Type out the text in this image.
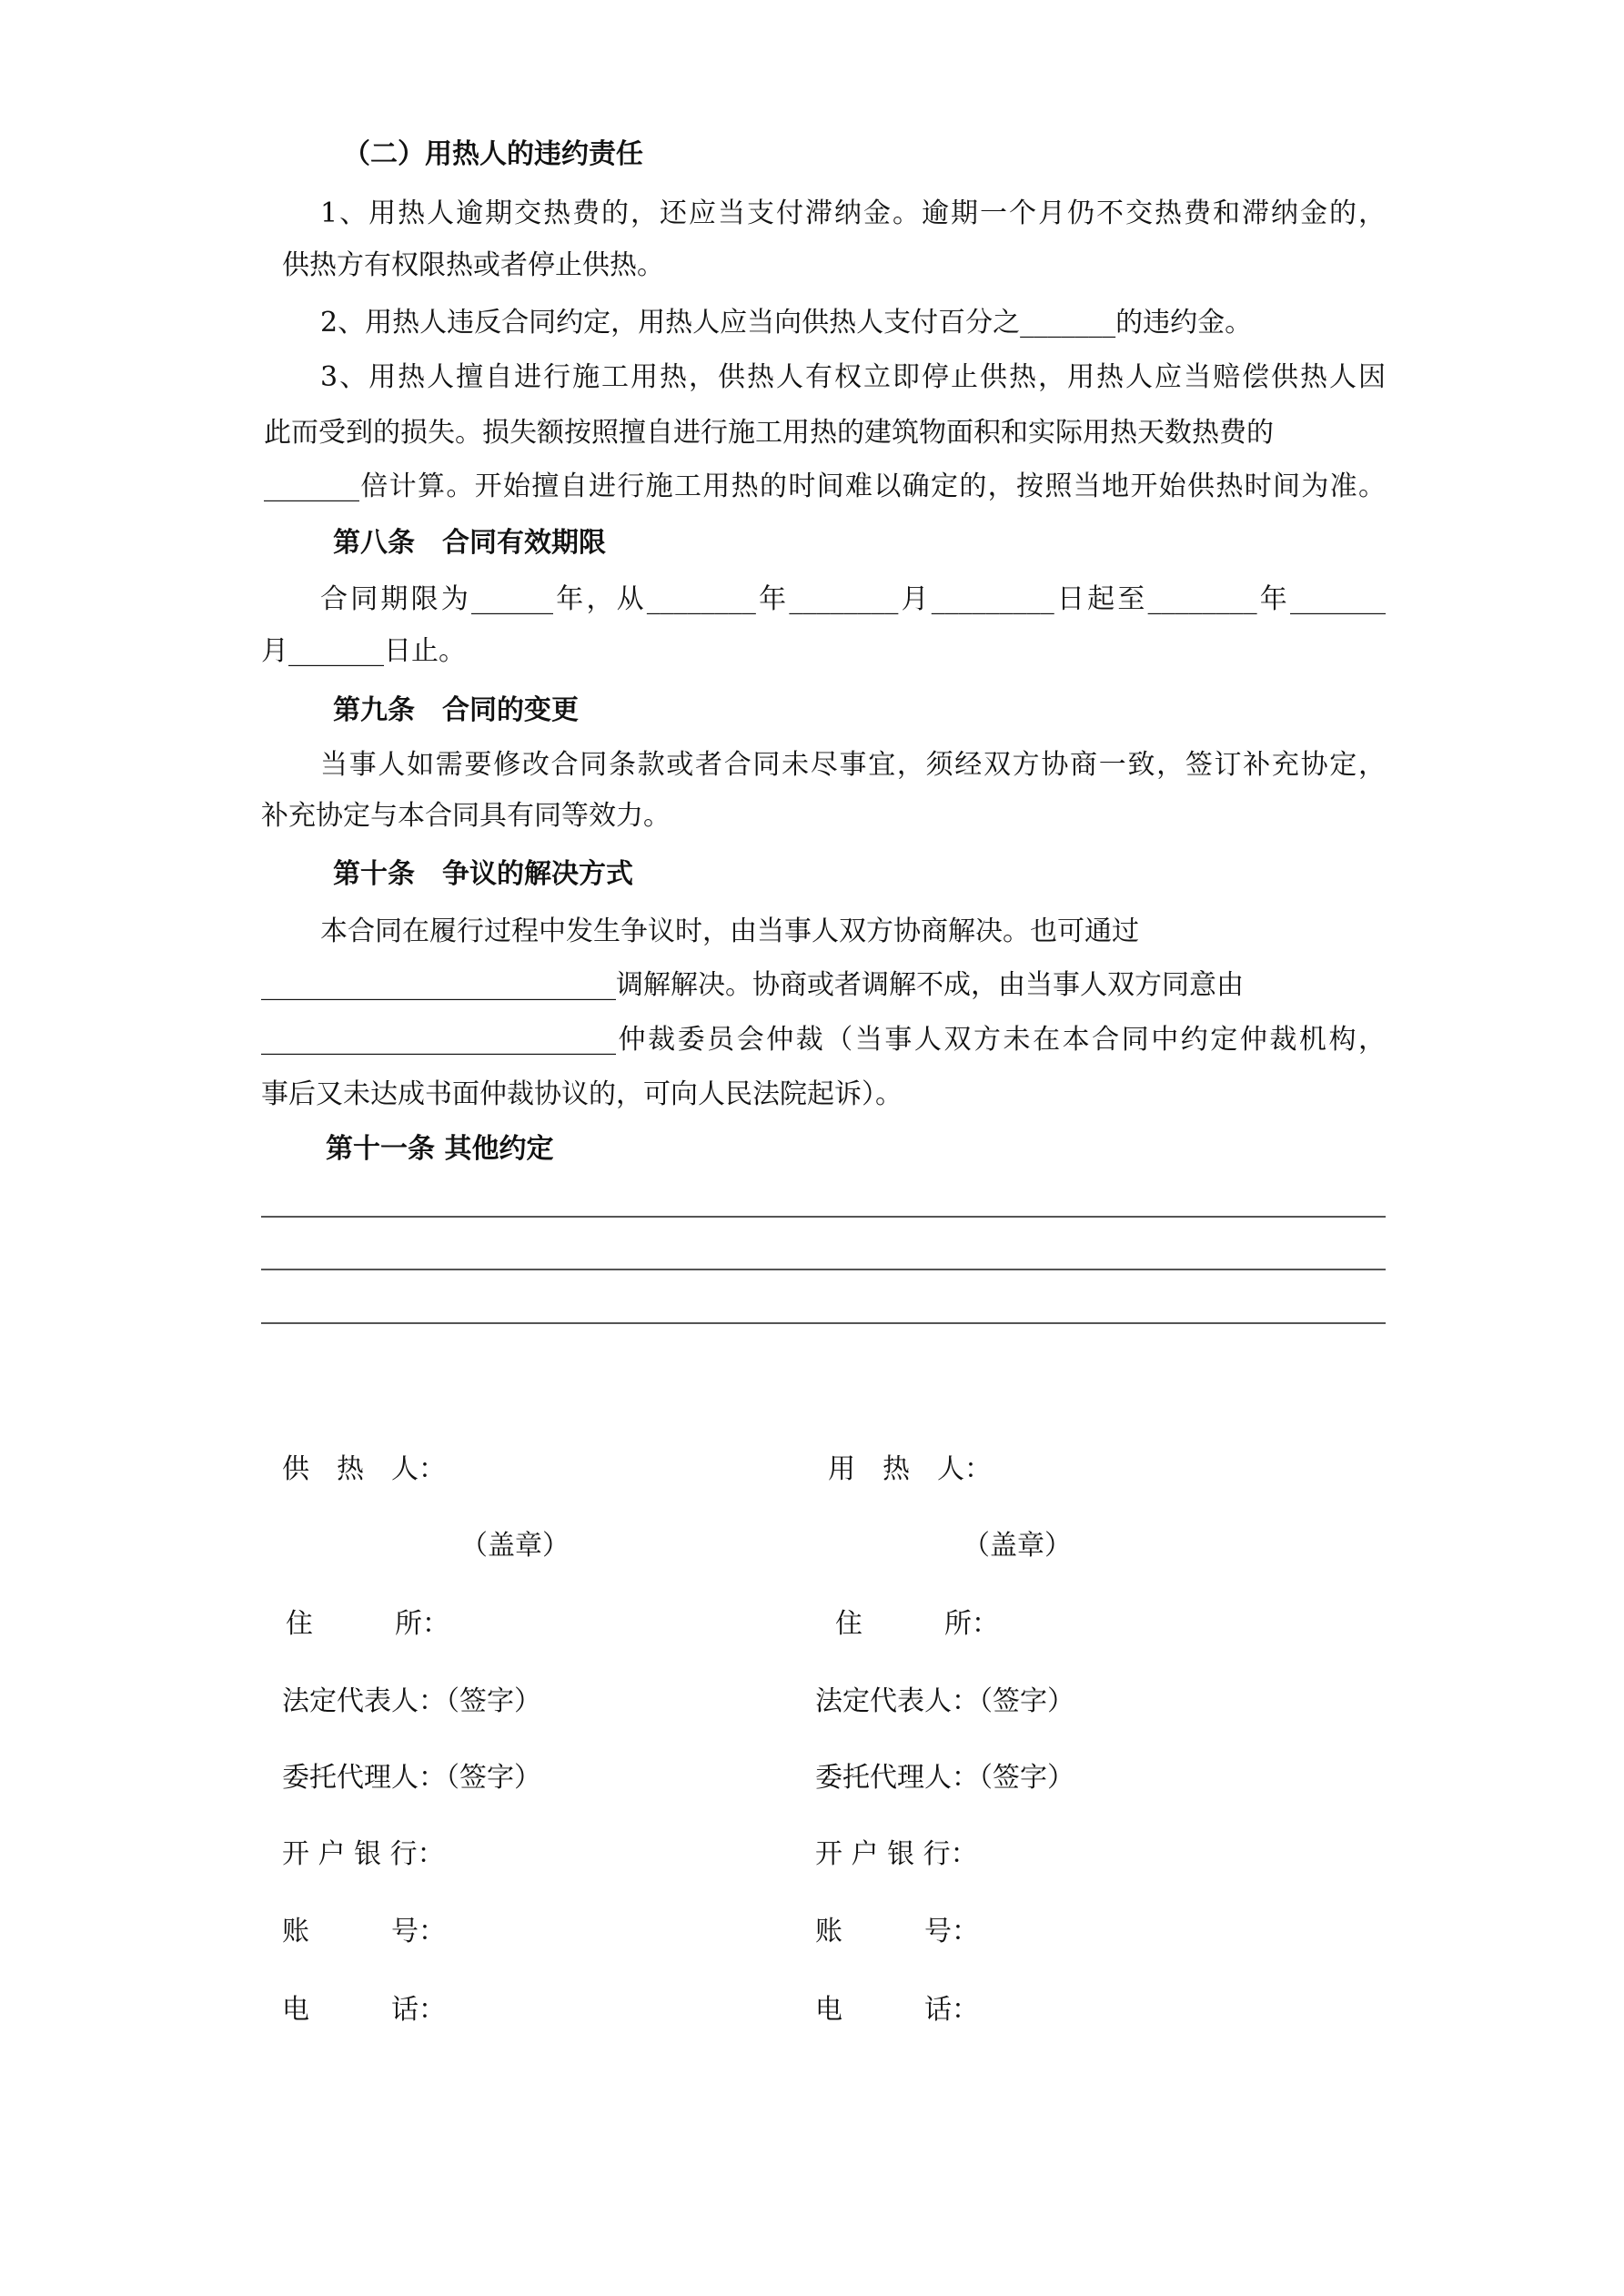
（二）用热人的违约责任
1、用热人逾期交热费的，还应当支付滞纳金。逾期一个月仍不交热费和滞纳金的，
供热方有权限热或者停止供热。
2、用热人违反合同约定，用热人应当向供热人支付百分之_______的违约金。
3、用热人擅自进行施工用热，供热人有权立即停止供热，用热人应当赔偿供热人因
此而受到的损失。损失额按照擅自进行施工用热的建筑物面积和实际用热天数热费的
_______倍计算。开始擅自进行施工用热的时间难以确定的，按照当地开始供热时间为准。
第八条　合同有效期限
合同期限为______年，从________年________月_________日起至________年_______
月_______日止。
第九条　合同的变更
当事人如需要修改合同条款或者合同未尽事宜，须经双方协商一致，签订补充协定，
补充协定与本合同具有同等效力。
第十条　争议的解决方式
本合同在履行过程中发生争议时，由当事人双方协商解决。也可通过
__________________________调解解决。协商或者调解不成，由当事人双方同意由
__________________________仲裁委员会仲裁（当事人双方未在本合同中约定仲裁机构，
事后又未达成书面仲裁协议的，可向人民法院起诉）。
第十一条 其他约定
供　热　人：
（盖章）
住　　　所：
法定代表人：（签字）
委托代理人：（签字）
开 户 银 行：
账　　　号：
电　　　话：
用　热　人：
（盖章）
住　　　所：
法定代表人：（签字）
委托代理人：（签字）
开 户 银 行：
账　　　号：
电　　　话：
